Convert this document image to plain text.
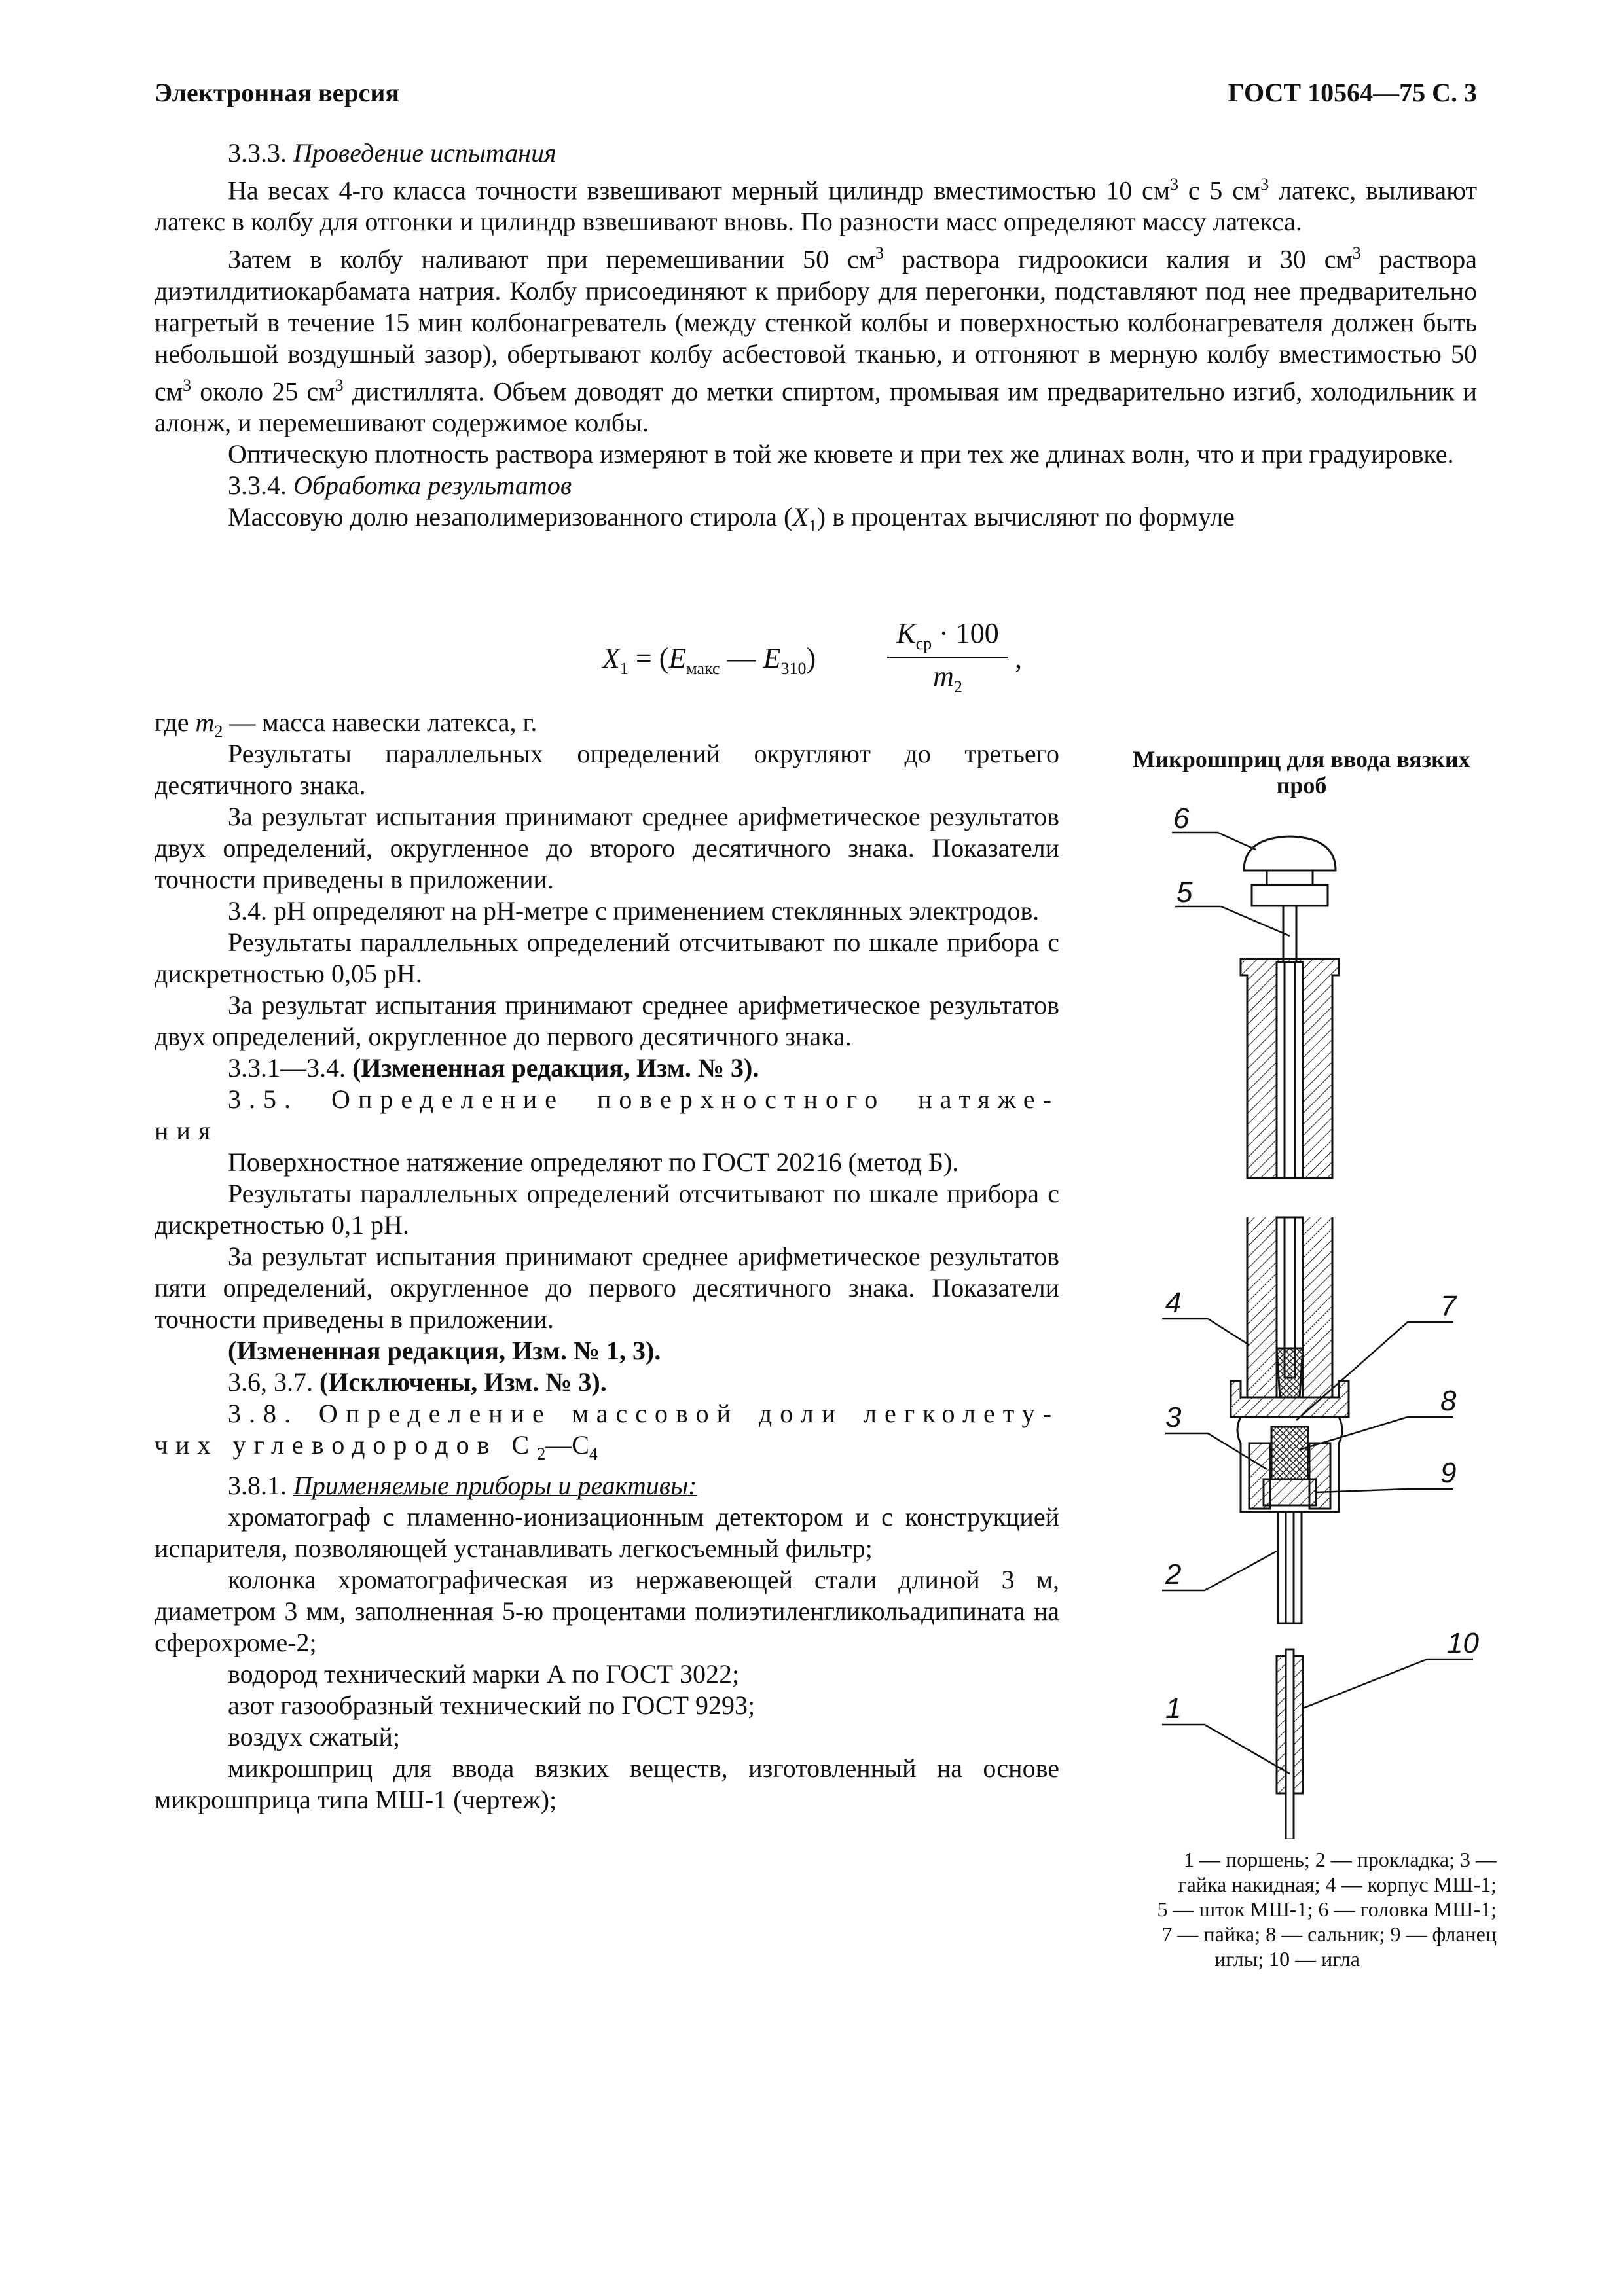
Электронная версия	ГОСТ 10564—75 С. 3

3.3.3. Проведение испытания

На весах 4-го класса точности взвешивают мерный цилиндр вместимостью 10 $см^3$ с 5 $см^3$ латекс, выливают латекс в колбу для отгонки и цилиндр взвешивают вновь. По разности масс определяют массу латекса.

Затем в колбу наливают при перемешивании 50 $см^3$ раствора гидроокиси калия и 30 $см^3$ раствора диэтилдитиокарбамата натрия. Колбу присоединяют к прибору для перегонки, подставляют под нее предварительно нагретый в течение 15 мин колбонагреватель (между стенкой колбы и поверхностью колбонагревателя должен быть небольшой воздушный зазор), обертывают колбу асбестовой тканью, и отгоняют в мерную колбу вместимостью 50 $см^3$ около 25 $см^3$ дистиллята. Объем доводят до метки спиртом, промывая им предварительно изгиб, холодильник и алонж, и перемешивают содержимое колбы.

Оптическую плотность раствора измеряют в той же кювете и при тех же длинах волн, что и при градуировке.

3.3.4. Обработка результатов

Массовую долю незаполимеризованного стирола $(X_1)$ в процентах вычисляют по формуле

$X_1 = (E_{макс}$ — $E_{310}$)
$K_{ср} \cdot 100$
$m_2$
,

где $m_2$ — масса навески латекса, г.

Результаты параллельных определений округляют до третьего десятичного знака.

За результат испытания принимают среднее арифметическое результатов двух определений, округленное до второго десятичного знака. Показатели точности приведены в приложении.

3.4. pH определяют на pH-метре с применением стеклянных электродов.

Результаты параллельных определений отсчитывают по шкале прибора с дискретностью 0,05 pH.

За результат испытания принимают среднее арифметическое результатов двух определений, округленное до первого десятичного знака.

3.3.1—3.4. (Измененная редакция, Изм. № 3).

3.5. Определение поверхностного натяже-

ния

Поверхностное натяжение определяют по ГОСТ 20216 (метод Б).

Результаты параллельных определений отсчитывают по шкале прибора с дискретностью 0,1 pH.

За результат испытания принимают среднее арифметическое результатов пяти определений, округленное до первого десятичного знака. Показатели точности приведены в приложении.

(Измененная редакция, Изм. № 1, 3).

3.6, 3.7. (Исключены, Изм. № 3).

3.8. Определение массовой доли легколету-

чих углеводородов $C_2—C_4$

3.8.1. Применяемые приборы и реактивы:

хроматограф с пламенно-ионизационным детектором и с конструкцией испарителя, позволяющей устанавливать легкосъемный фильтр;

колонка хроматографическая из нержавеющей стали длиной 3 м, диаметром 3 мм, заполненная 5-ю процентами полиэтиленгликольадипината на сферохроме-2;

водород технический марки А по ГОСТ 3022;

азот газообразный технический по ГОСТ 9293;

воздух сжатый;

микрошприц для ввода вязких веществ, изготовленный на основе микрошприца типа МШ-1 (чертеж);

Микрошприц для ввода вязких проб
6
5
4	7
8
3
9
2
10
1
1 — поршень; 2 — прокладка; 3 —
гайка накидная; 4 — корпус МШ-1;
5 — шток МШ-1; 6 — головка МШ-1;
7 — пайка; 8 — сальник; 9 — фланец
иглы; 10 — игла
